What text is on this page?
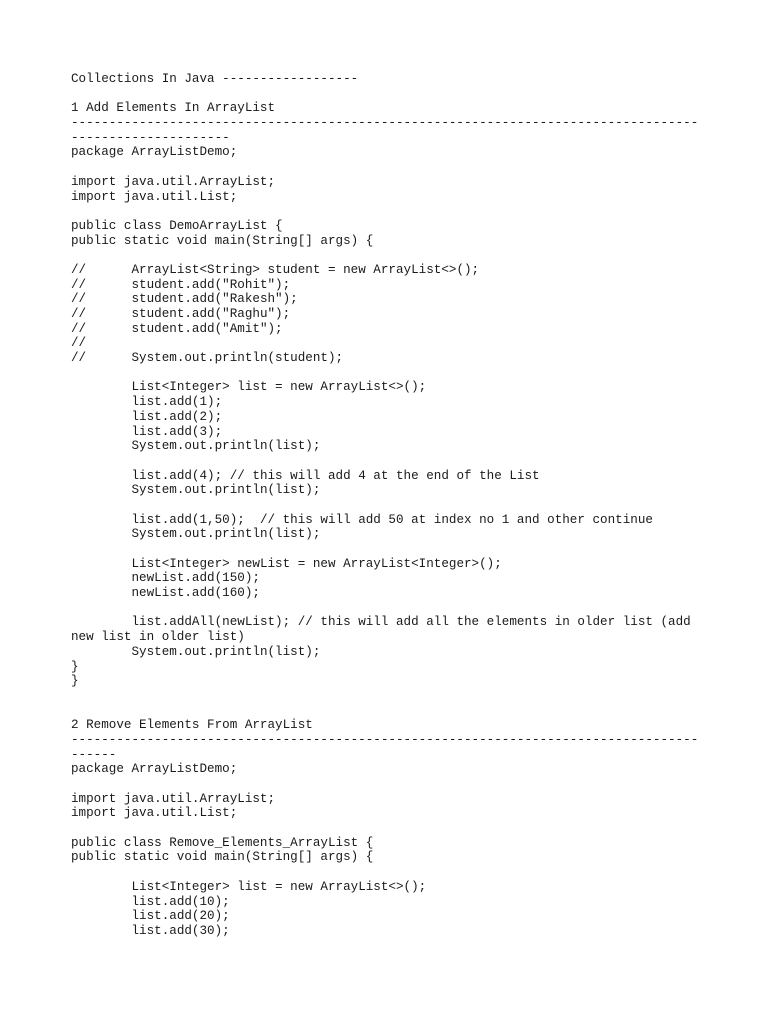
Collections In Java ------------------
1 Add Elements In ArrayList
-----------------------------------------------------------------------------------
---------------------
package ArrayListDemo;
import java.util.ArrayList;
import java.util.List;
public class DemoArrayList {
public static void main(String[] args) {
//	ArrayList<String> student = new ArrayList<>();
//	student.add("Rohit");
//	student.add("Rakesh");
//	student.add("Raghu");
//	student.add("Amit");
//
//	System.out.println(student);
	List<Integer> list = new ArrayList<>();
	list.add(1);
	list.add(2);
	list.add(3);
	System.out.println(list);
	list.add(4); // this will add 4 at the end of the List
	System.out.println(list);
	list.add(1,50);  // this will add 50 at index no 1 and other continue
	System.out.println(list);
	List<Integer> newList = new ArrayList<Integer>();
	newList.add(150);
	newList.add(160);
	list.addAll(newList); // this will add all the elements in older list (add
new list in older list)
	System.out.println(list);
}
}
2 Remove Elements From ArrayList
-----------------------------------------------------------------------------------
------
package ArrayListDemo;
import java.util.ArrayList;
import java.util.List;
public class Remove_Elements_ArrayList {
public static void main(String[] args) {
	List<Integer> list = new ArrayList<>();
	list.add(10);
	list.add(20);
	list.add(30);
